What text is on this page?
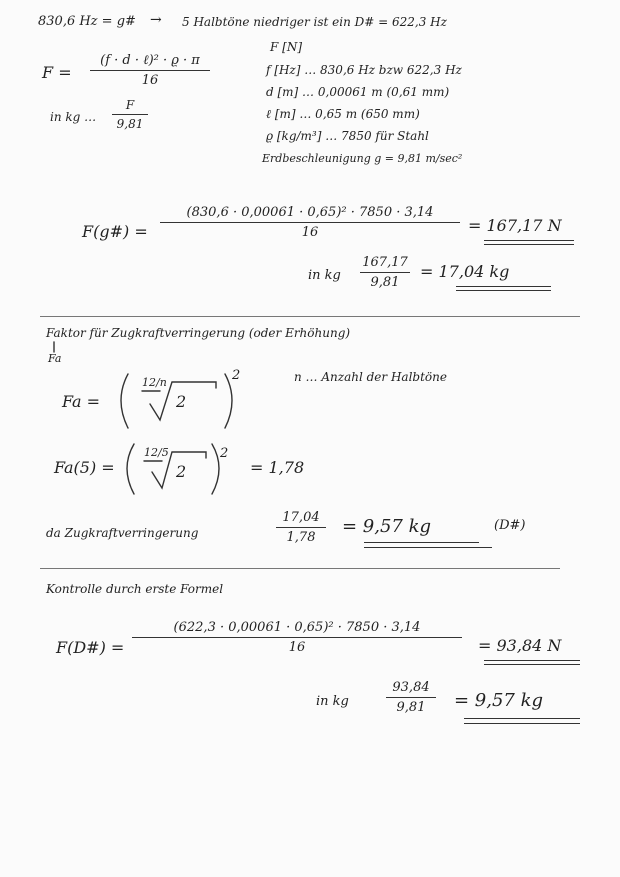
830,6 Hz = g# → 5 Halbtöne niedriger ist ein D# = 622,3 Hz
F =
(f · d · ℓ)² · ϱ · π
16
in kg …
F
9,81
F [N]
f [Hz] … 830,6 Hz bzw 622,3 Hz
d [m] … 0,00061 m (0,61 mm)
ℓ [m] … 0,65 m (650 mm)
ϱ [kg/m³] … 7850 für Stahl
Erdbeschleunigung g = 9,81 m/sec²
F(g#) =
(830,6 · 0,00061 · 0,65)² · 7850 · 3,14
16	= 167,17 N
in kg
167,17
9,81
= 17,04 kg
Faktor für Zugkraftverringerung (oder Erhöhung)
Fa
Fa =
12/n
2
2	n … Anzahl der Halbtöne
Fa(5) =
12/5
2
2
= 1,78
da Zugkraftverringerung
17,04
1,78
= 9,57 kg	(D#)
Kontrolle durch erste Formel
F(D#) =
(622,3 · 0,00061 · 0,65)² · 7850 · 3,14
16	= 93,84 N
in kg
93,84
9,81 = 9,57 kg
